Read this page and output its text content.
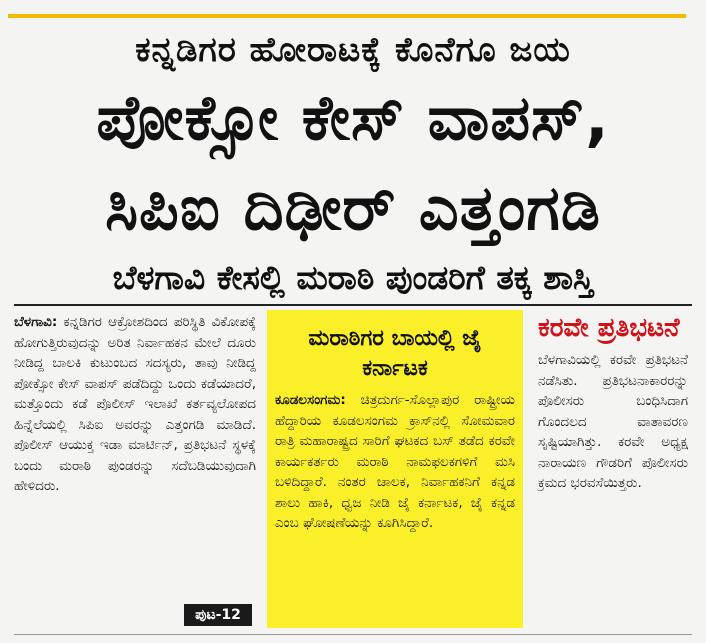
ಕನ್ನಡಿಗರ ಹೋರಾಟಕ್ಕೆ ಕೊನೆಗೂ ಜಯ
ಪೋಕ್ಸೋ ಕೇಸ್ ವಾಪಸ್,
ಸಿಪಿಐ ದಿಢೀರ್ ಎತ್ತಂಗಡಿ
ಬೆಳಗಾವಿ ಕೇಸಲ್ಲಿ ಮರಾಠಿ ಪುಂಡರಿಗೆ ತಕ್ಕ ಶಾಸ್ತಿ

ಬೆಳಗಾವಿ: ಕನ್ನಡಿಗರ ಆಕ್ರೋಶದಿಂದ ಪರಿಸ್ಥಿತಿ ವಿಕೋಪಕ್ಕೆ ಹೋಗುತ್ತಿರುವುದನ್ನು ಅರಿತ ನಿರ್ವಾಹಕನ ಮೇಲೆ ದೂರು ನೀಡಿದ್ದ ಬಾಲಕಿ ಕುಟುಂಬದ ಸದಸ್ಯರು, ತಾವು ನೀಡಿದ್ದ ಪೋಕ್ಸೋ ಕೇಸ್ ವಾಪಸ್ ಪಡೆದಿದ್ದು ಒಂದು ಕಡೆಯಾದರೆ, ಮತ್ತೊಂದು ಕಡೆ ಪೊಲೀಸ್ ಇಲಾಖೆ ಕರ್ತವ್ಯಲೋಪದ ಹಿನ್ನೆಲೆಯಲ್ಲಿ ಸಿಪಿಐ ಅವರನ್ನು ಎತ್ತಂಗಡಿ ಮಾಡಿದೆ. ಪೊಲೀಸ್ ಆಯುಕ್ತ ಇಡಾ ಮಾರ್ಟಿನ್, ಪ್ರತಿಭಟನೆ ಸ್ಥಳಕ್ಕೆ ಬಂದು ಮರಾಠಿ ಪುಂಡರನ್ನು ಸದೆಬಡಿಯುವುದಾಗಿ ಹೇಳಿದರು.

ಪುಟ-12
ಮರಾಠಿಗರ ಬಾಯಲ್ಲಿ ಜೈ ಕರ್ನಾಟಕ

ಕೂಡಲಸಂಗಮ: ಚಿತ್ರದುರ್ಗ-ಸೊಲ್ಲಾಪುರ ರಾಷ್ಟ್ರೀಯ ಹೆದ್ದಾರಿಯ ಕೂಡಲಸಂಗಮ ಕ್ರಾಸ್‌ನಲ್ಲಿ ಸೋಮವಾರ ರಾತ್ರಿ ಮಹಾರಾಷ್ಟ್ರದ ಸಾರಿಗೆ ಘಟಕದ ಬಸ್ ತಡೆದ ಕರವೇ ಕಾರ್ಯಕರ್ತರು ಮರಾಠಿ ನಾಮಫಲಕಗಳಿಗೆ ಮಸಿ ಬಳಿದಿದ್ದಾರೆ. ನಂತರ ಚಾಲಕ, ನಿರ್ವಾಹಕನಿಗೆ ಕನ್ನಡ ಶಾಲು ಹಾಕಿ, ಧ್ವಜ ನೀಡಿ ಜೈ ಕರ್ನಾಟಕ, ಜೈ ಕನ್ನಡ ಎಂಬ ಘೋಷಣೆಯನ್ನು ಕೂಗಿಸಿದ್ದಾರೆ.

ಕರವೇ ಪ್ರತಿಭಟನೆ

ಬೆಳಗಾವಿಯಲ್ಲಿ ಕರವೇ ಪ್ರತಿಭಟನೆ ನಡೆಸಿತು. ಪ್ರತಿಭಟನಾಕಾರರನ್ನು ಪೊಲೀಸರು ಬಂಧಿಸಿದಾಗ ಗೊಂದಲದ ವಾತಾವರಣ ಸೃಷ್ಟಿಯಾಗಿತ್ತು. ಕರವೇ ಅಧ್ಯಕ್ಷ ನಾರಾಯಣ ಗೌಡರಿಗೆ ಪೊಲೀಸರು ಕ್ರಮದ ಭರವಸೆಯಿತ್ತರು.
